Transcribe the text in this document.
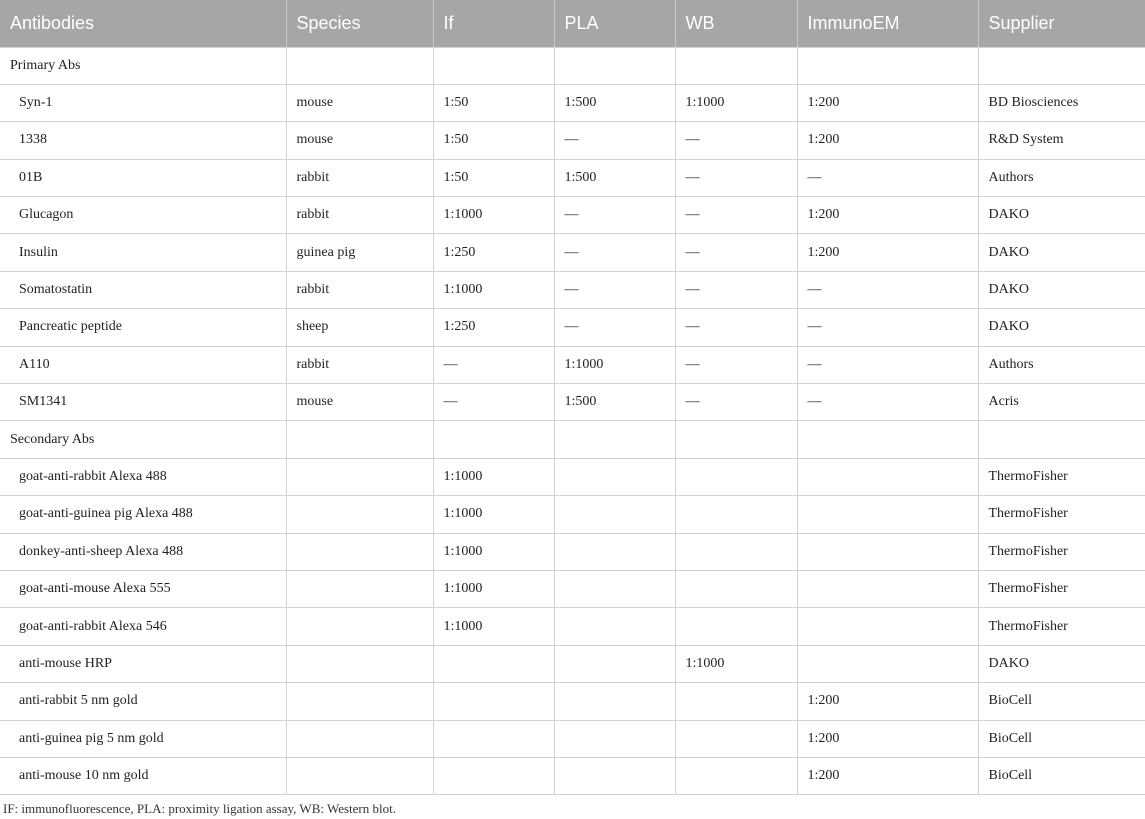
Antibodies	Species	If	PLA	WB	ImmunoEM	Supplier
Primary Abs						
Syn-1	mouse	1:50	1:500	1:1000	1:200	BD Biosciences
1338	mouse	1:50	—	—	1:200	R&D System
01B	rabbit	1:50	1:500	—	—	Authors
Glucagon	rabbit	1:1000	—	—	1:200	DAKO
Insulin	guinea pig	1:250	—	—	1:200	DAKO
Somatostatin	rabbit	1:1000	—	—	—	DAKO
Pancreatic peptide	sheep	1:250	—	—	—	DAKO
A110	rabbit	—	1:1000	—	—	Authors
SM1341	mouse	—	1:500	—	—	Acris
Secondary Abs						
goat-anti-rabbit Alexa 488		1:1000				ThermoFisher
goat-anti-guinea pig Alexa 488		1:1000				ThermoFisher
donkey-anti-sheep Alexa 488		1:1000				ThermoFisher
goat-anti-mouse Alexa 555		1:1000				ThermoFisher
goat-anti-rabbit Alexa 546		1:1000				ThermoFisher
anti-mouse HRP				1:1000		DAKO
anti-rabbit 5 nm gold					1:200	BioCell
anti-guinea pig 5 nm gold					1:200	BioCell
anti-mouse 10 nm gold					1:200	BioCell
IF: immunofluorescence, PLA: proximity ligation assay, WB: Western blot.
